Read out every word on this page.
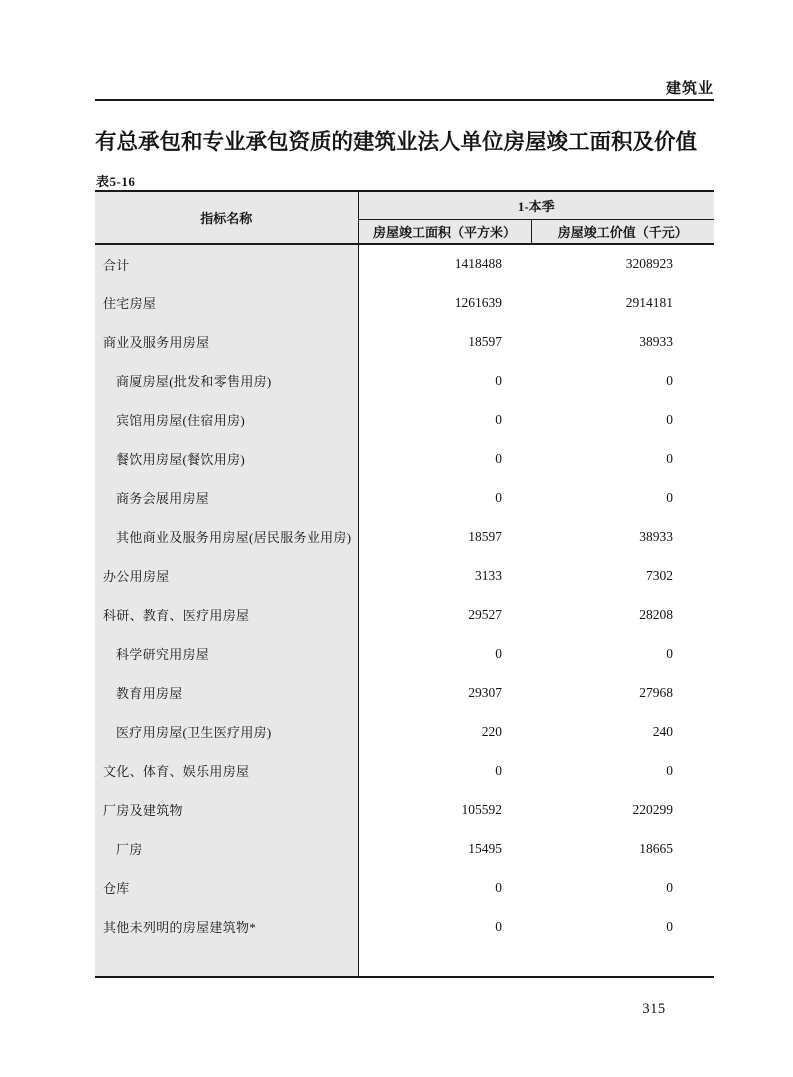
建筑业
有总承包和专业承包资质的建筑业法人单位房屋竣工面积及价值
表5-16
指标名称	1-本季	
	房屋竣工面积（平方米）	房屋竣工价值（千元）
合计	1418488	3208923
住宅房屋	1261639	2914181
商业及服务用房屋	18597	38933
商厦房屋(批发和零售用房)	0	0
宾馆用房屋(住宿用房)	0	0
餐饮用房屋(餐饮用房)	0	0
商务会展用房屋	0	0
其他商业及服务用房屋(居民服务业用房)	18597	38933
办公用房屋	3133	7302
科研、教育、医疗用房屋	29527	28208
科学研究用房屋	0	0
教育用房屋	29307	27968
医疗用房屋(卫生医疗用房)	220	240
文化、体育、娱乐用房屋	0	0
厂房及建筑物	105592	220299
厂房	15495	18665
仓库	0	0
其他未列明的房屋建筑物*	0	0

315
